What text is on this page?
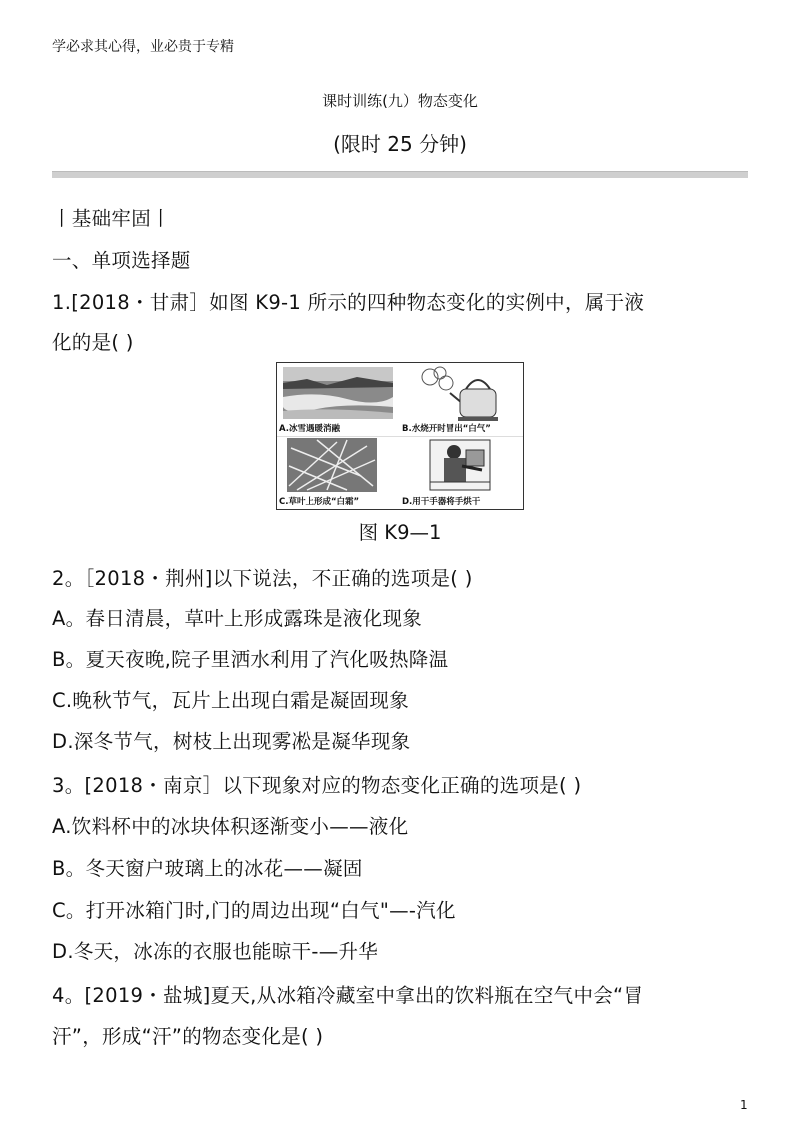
学必求其心得，业必贵于专精
课时训练(九）物态变化
(限时 25 分钟)
丨基础牢固丨
一、单项选择题
1.[2018・甘肃］如图 K9-1 所示的四种物态变化的实例中，属于液
化的是( )
A.冰雪遇暖消融	B.水烧开时冒出“白气”
C.草叶上形成“白霜”	D.用干手器将手烘干
图 K9—1
2。［2018・荆州]以下说法，不正确的选项是( )
A。春日清晨，草叶上形成露珠是液化现象
B。夏天夜晚,院子里洒水利用了汽化吸热降温
C.晚秋节气，瓦片上出现白霜是凝固现象
D.深冬节气，树枝上出现雾凇是凝华现象
3。[2018・南京］以下现象对应的物态变化正确的选项是( )
A.饮料杯中的冰块体积逐渐变小——液化
B。冬天窗户玻璃上的冰花——凝固
C。打开冰箱门时,门的周边出现“白气"—-汽化
D.冬天，冰冻的衣服也能晾干-—升华
4。[2019・盐城]夏天,从冰箱冷藏室中拿出的饮料瓶在空气中会“冒
汗”，形成“汗”的物态变化是( )
1
